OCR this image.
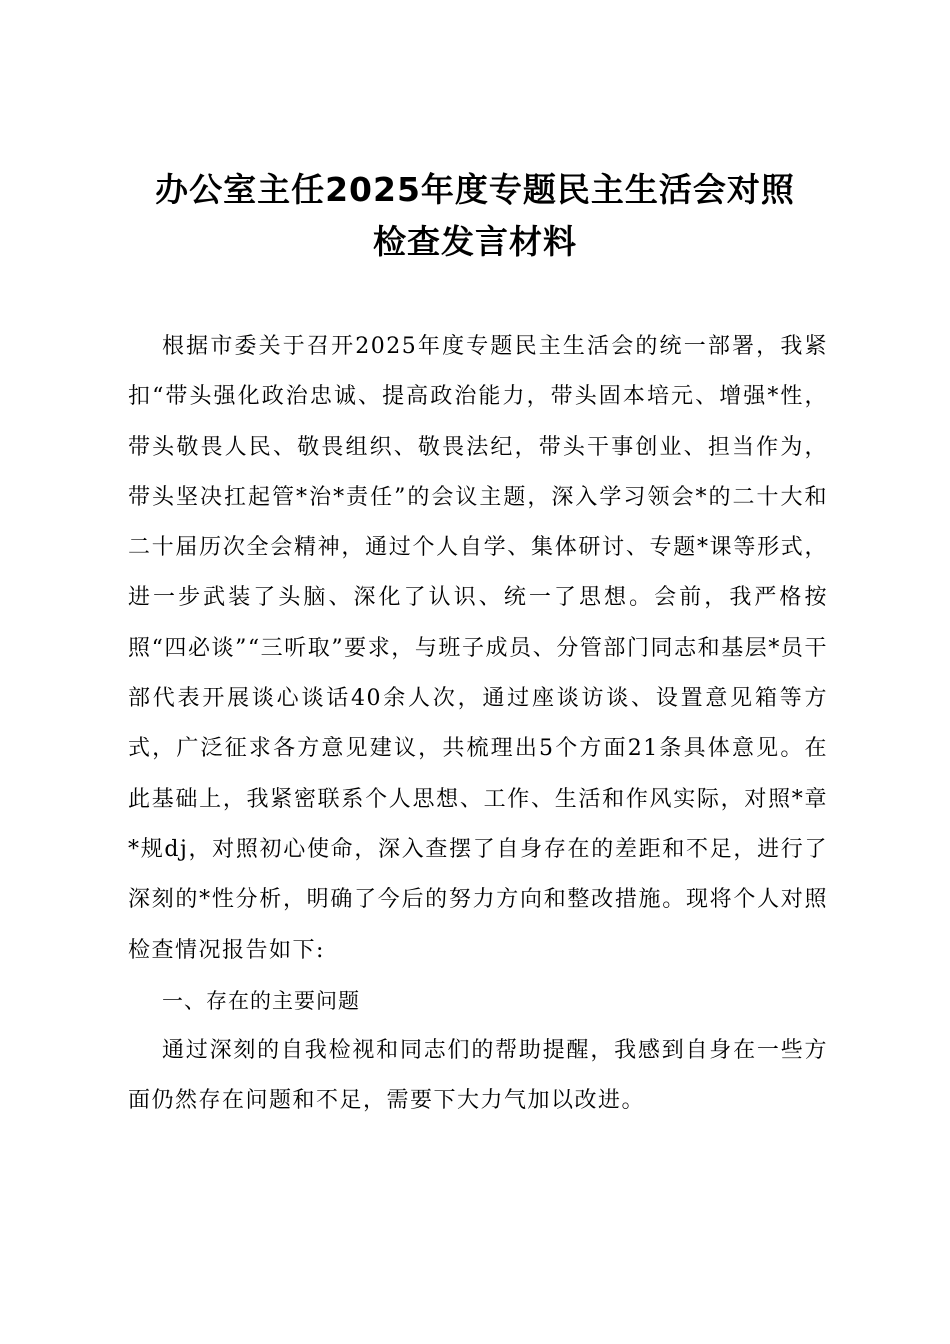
办公室主任2025年度专题民主生活会对照
检查发言材料

根据市委关于召开2025年度专题民主生活会的统一部署，我紧扣“带头强化政治忠诚、提高政治能力，带头固本培元、增强*性，带头敬畏人民、敬畏组织、敬畏法纪，带头干事创业、担当作为，带头坚决扛起管*治*责任”的会议主题，深入学习领会*的二十大和二十届历次全会精神，通过个人自学、集体研讨、专题*课等形式，进一步武装了头脑、深化了认识、统一了思想。会前，我严格按照“四必谈”“三听取”要求，与班子成员、分管部门同志和基层*员干部代表开展谈心谈话40余人次，通过座谈访谈、设置意见箱等方式，广泛征求各方意见建议，共梳理出5个方面21条具体意见。在此基础上，我紧密联系个人思想、工作、生活和作风实际，对照*章*规dj，对照初心使命，深入查摆了自身存在的差距和不足，进行了深刻的*性分析，明确了今后的努力方向和整改措施。现将个人对照检查情况报告如下:

一、存在的主要问题

通过深刻的自我检视和同志们的帮助提醒，我感到自身在一些方面仍然存在问题和不足，需要下大力气加以改进。
